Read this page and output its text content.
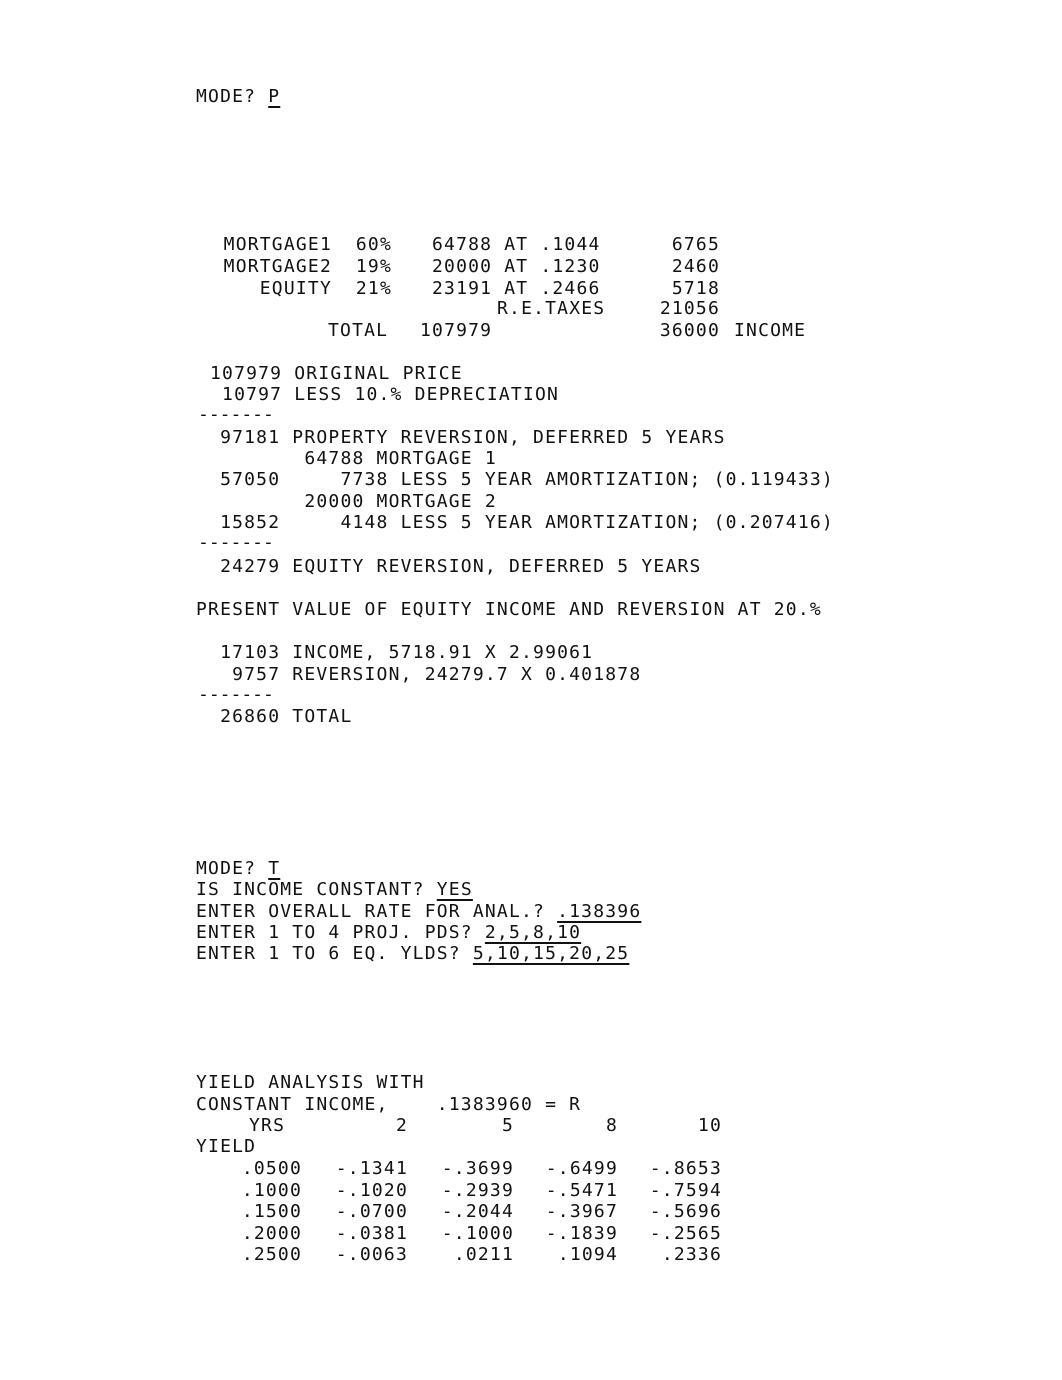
MODE? P
MORTGAGE1	60% 64788 AT .1044	6765
MORTGAGE2	19% 20000 AT .1230	2460
EQUITY	21% 23191 AT .2466	5718
R.E.TAXES	21056
TOTAL 107979	36000 INCOME
107979 ORIGINAL PRICE
10797 LESS 10.% DEPRECIATION
-------
97181 PROPERTY REVERSION, DEFERRED 5 YEARS
64788 MORTGAGE 1
57050     7738 LESS 5 YEAR AMORTIZATION; (0.119433)
20000 MORTGAGE 2
15852     4148 LESS 5 YEAR AMORTIZATION; (0.207416)
-------
24279 EQUITY REVERSION, DEFERRED 5 YEARS
PRESENT VALUE OF EQUITY INCOME AND REVERSION AT 20.%
17103 INCOME, 5718.91 X 2.99061
9757 REVERSION, 24279.7 X 0.401878
-------
26860 TOTAL
MODE? T
IS INCOME CONSTANT? YES
ENTER OVERALL RATE FOR ANAL.? .138396
ENTER 1 TO 4 PROJ. PDS? 2,5,8,10
ENTER 1 TO 6 EQ. YLDS? 5,10,15,20,25
YIELD ANALYSIS WITH
CONSTANT INCOME,    .1383960 = R
YRS	2	5	8	10
YIELD
.0500	-.1341	-.3699	-.6499	-.8653
.1000	-.1020	-.2939	-.5471	-.7594
.1500	-.0700	-.2044	-.3967	-.5696
.2000	-.0381	-.1000	-.1839	-.2565
.2500	-.0063	.0211	.1094	.2336
